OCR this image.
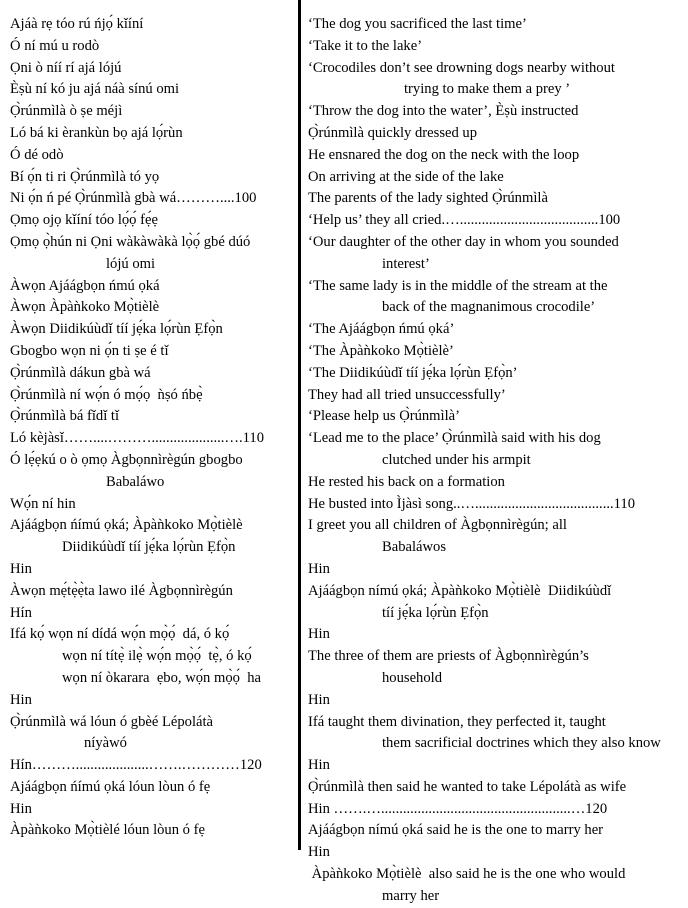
Ajáà rẹ tóo rú ńjọ́ kǐíní
Ó ní mú u rodò
Ọni ò níí rí ajá lójú
Èṣù ní kó ju ajá náà sínú omi
Ọ̀rúnmìlà ò ṣe méjì
Ló bá ki èrankùn bọ ajá lọ́rùn
Ó dé odò
Bí ọ́n ti ri Ọ̀rúnmìlà tó yọ
Ni ọ́n ń pé Ọ̀rúnmìlà gbà wá………....100
Ọmọ ojọ kǐíní tóo lọ́ọ́ fẹ́ẹ
Ọmọ ọ̀hún ni Ọni wàkàwàkà lọ̀ọ́ gbé dúó
lójú omi
Àwọn Ajáágbọn ńmú ọká
Àwọn Àpàǹkoko Mọ̀tièlè
Àwọn Diidikúùdǐ tíí jẹ́ka lọ́rùn Ẹfọ̀n
Gbogbo wọn ni ọ́n ti ṣe é tǐ
Ọ̀rúnmìlà dákun gbà wá
Ọ̀rúnmìlà ní wọ́n ó mọ́ọ  ǹṣó ńbẹ̀
Ọ̀rúnmìlà bá fǐdǐ tǐ
Ló kèjàsǐ……....………....................….110
Ó lẹ́ẹkú o ò ọmọ Àgbọnnìrègún gbogbo
Babaláwo
Wọ́n ní hin
Ajáágbọn ńímú ọká; Àpàǹkoko Mọ̀tièlè
Diidikúùdǐ tíí jẹ́ka lọ́rùn Ẹfọ̀n
Hin
Àwọn mẹ́tẹ̀ẹ̀ta lawo ilé Àgbọnnìrègún
Hín
Ifá kọ́ wọn ní dídá wọ́n mọ̀ọ́  dá, ó kọ́
wọn ní títẹ̀ ilẹ̀ wọ́n mọ̀ọ́  tẹ̀, ó kọ́
wọn ní òkarara  ẹbo, wọ́n mọ̀ọ́  ha
Hin
Ọ̀rúnmìlà wá lóun ó gbèé Lépolátà
níyàwó
Hín………....................…….…………120
Ajáágbọn ńímú ọká lóun lòun ó fẹ
Hin
Àpàǹkoko Mọ̀tièlé lóun lòun ó fẹ
‘The dog you sacrificed the last time’
‘Take it to the lake’
‘Crocodiles don’t see drowning dogs nearby without
trying to make them a prey ’
‘Throw the dog into the water’, Èṣù instructed
Ọ̀rúnmìlà quickly dressed up
He ensnared the dog on the neck with the loop
On arriving at the side of the lake
The parents of the lady sighted Ọ̀rúnmìlà
‘Help us’ they all cried.…......................................100
‘Our daughter of the other day in whom you sounded
interest’
‘The same lady is in the middle of the stream at the
back of the magnanimous crocodile’
‘The Ajáágbọn ńmú ọká’
‘The Àpàǹkoko Mọ̀tièlè’
‘The Diidikúùdǐ tíí jẹ́ka lọ́rùn Ẹfọ̀n’
They had all tried unsuccessfully’
‘Please help us Ọ̀rúnmìlà’
‘Lead me to the place’ Ọ̀rúnmìlà said with his dog
clutched under his armpit
He rested his back on a formation
He busted into Ìjàsì song..…......................................110
I greet you all children of Àgbọnnìrègún; all
Babaláwos
Hin
Ajáágbọn nímú ọká; Àpàǹkoko Mọ̀tièlè  Diidikúùdǐ
tíí jẹ́ka lọ́rùn Ẹfọ̀n
Hin
The three of them are priests of Àgbọnnìrègún’s
household
Hin
Ifá taught them divination, they perfected it, taught
them sacrificial doctrines which they also know
Hin
Ọ̀rúnmìlà then said he wanted to take Lépolátà as wife
Hin …….…....................................................…120
Ajáágbọn nímú ọká said he is the one to marry her
Hin
Àpàǹkoko Mọ̀tièlè  also said he is the one who would
marry her
